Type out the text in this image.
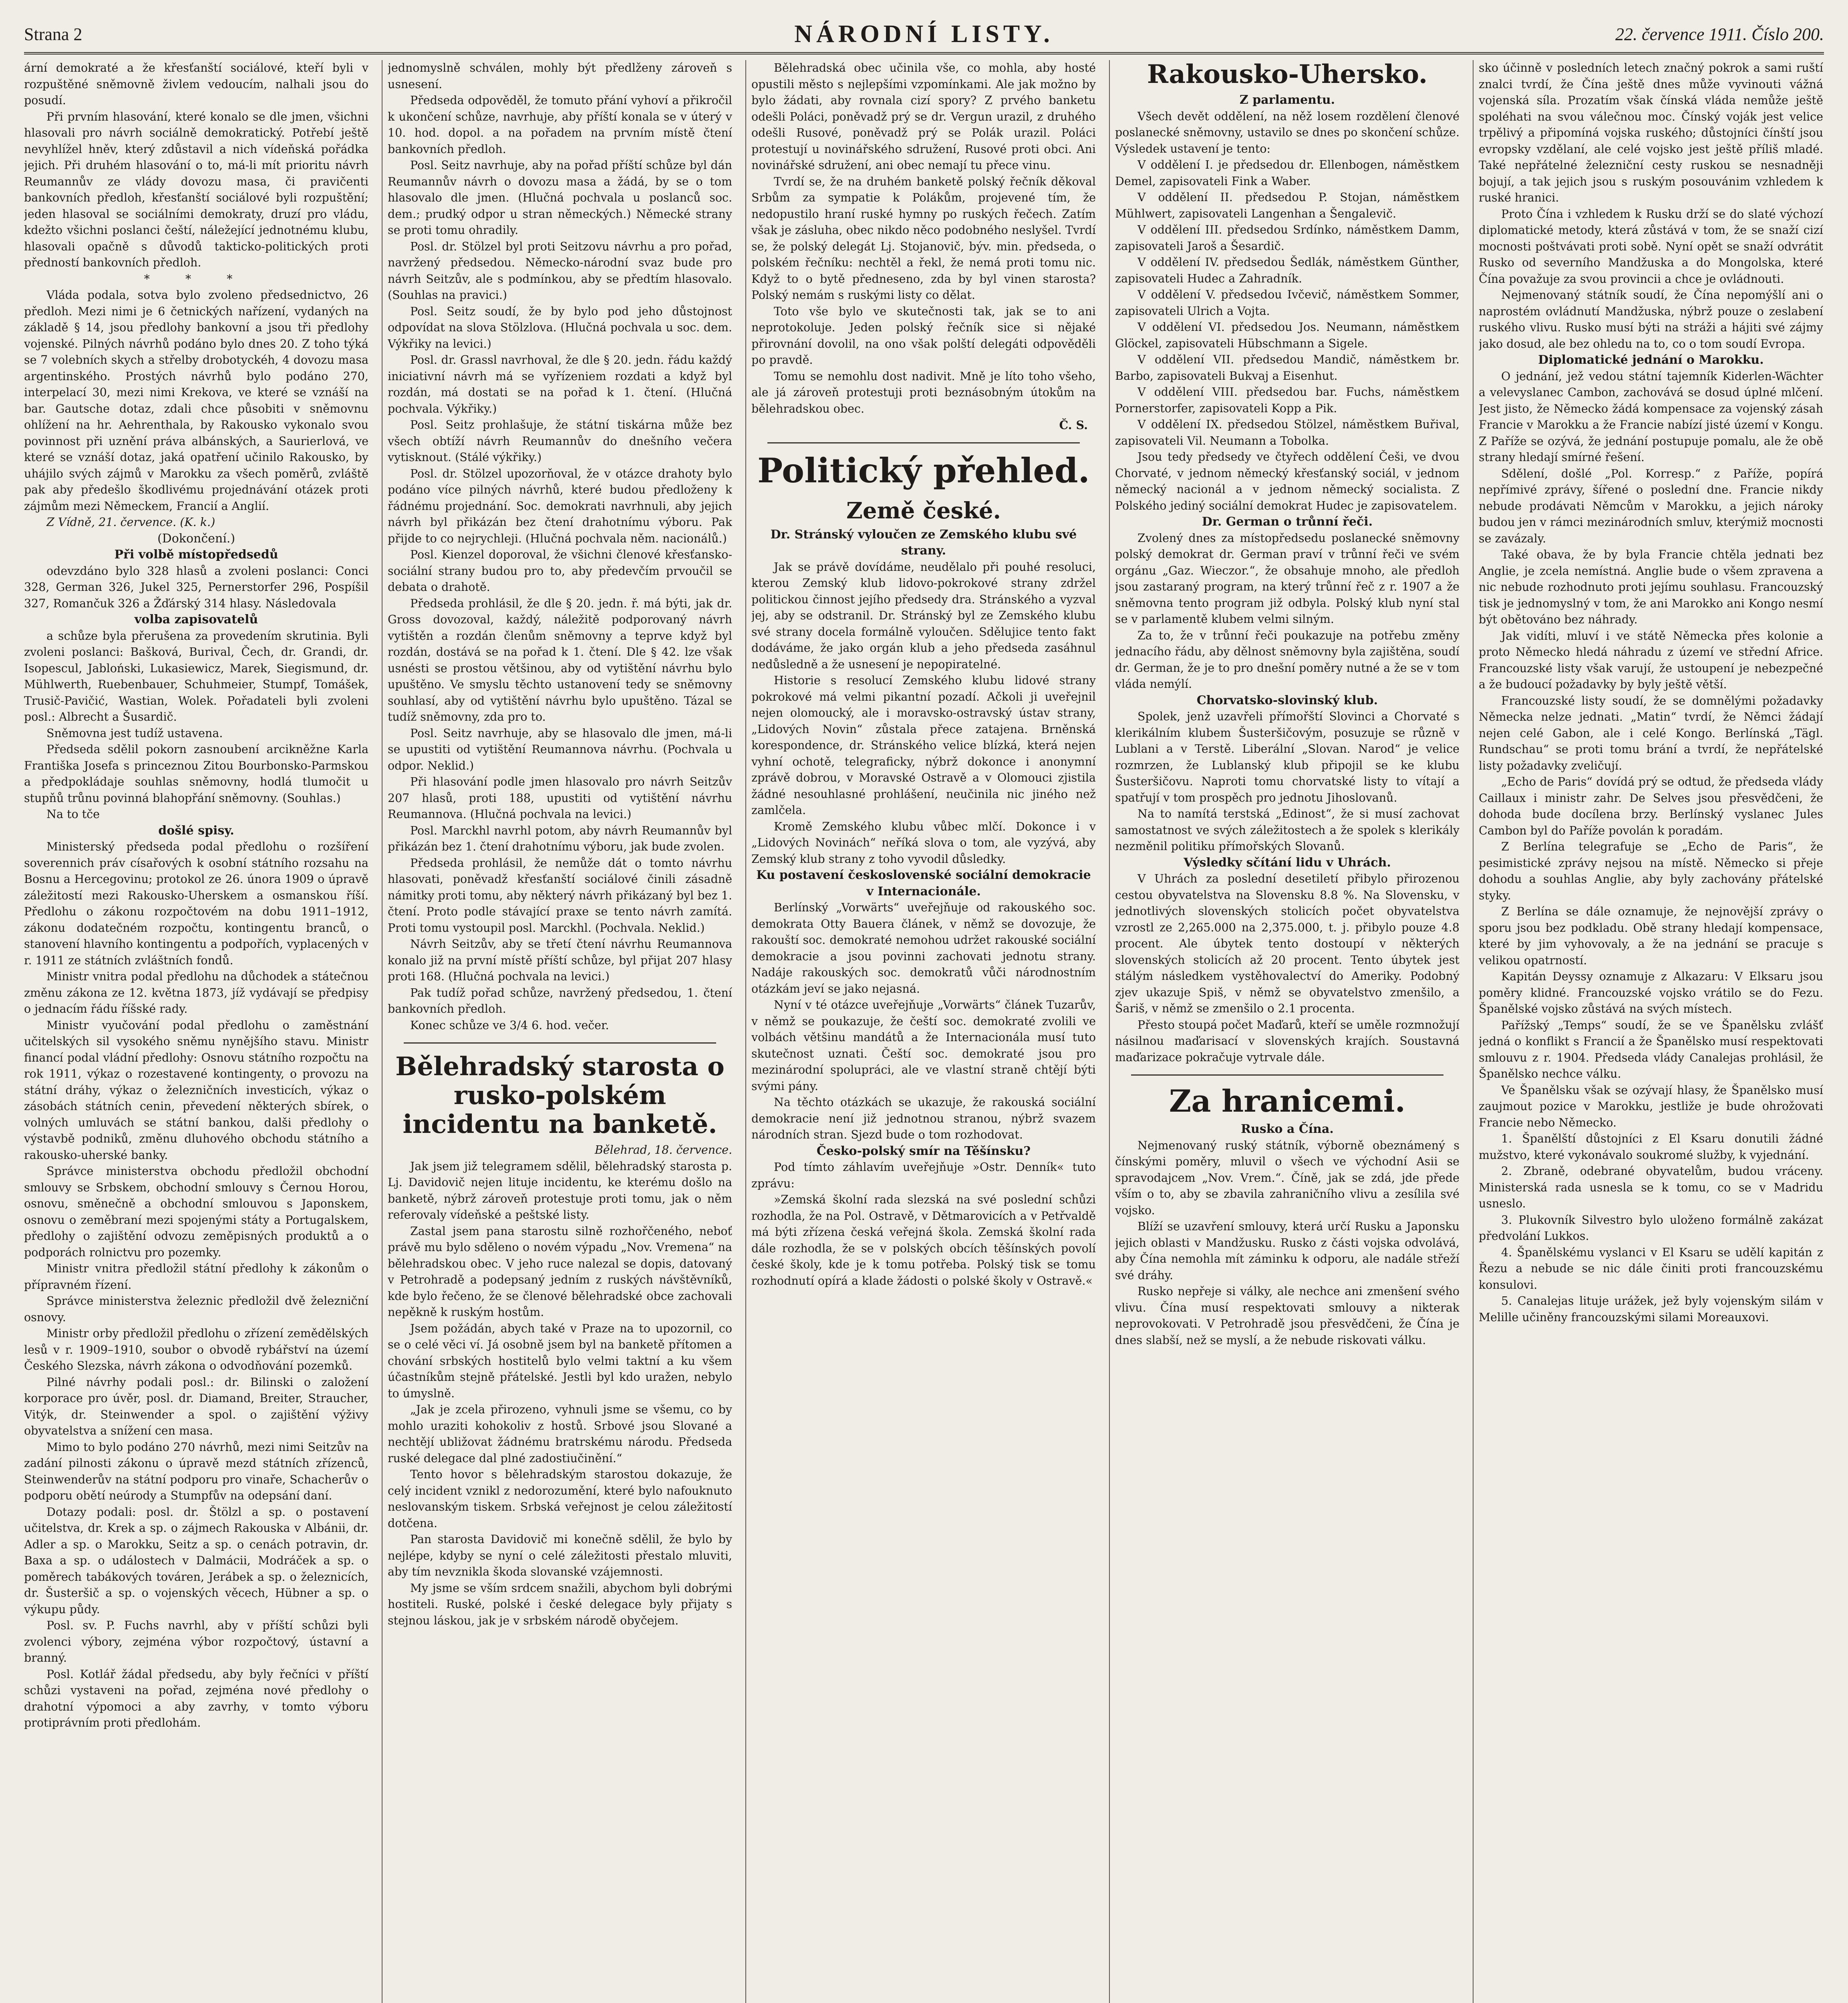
Strana 2	NÁRODNÍ LISTY.	22. července 1911. Číslo 200.

ární demokraté a že křesťanští sociálové, kteří byli v rozpuštěné sněmovně živlem vedoucím, nalhali jsou do posudí.

Při prvním hlasování, které konalo se dle jmen, všichni hlasovali pro návrh sociálně demokratický. Potřebí ještě nevyhlížel hněv, který zdůstavil a nich vídeňská pořádka jejich. Při druhém hlasování o to, má-li mít prioritu návrh Reumannův ze vlády dovozu masa, či pravičenti bankovních předloh, křesťanští sociálové byli rozpuštění; jeden hlasoval se sociálními demokraty, druzí pro vládu, kdežto všichni poslanci čeští, náležející jednotnému klubu, hlasovali opačně s důvodů takticko-politických proti předností bankovních předloh.

* * *

Vláda podala, sotva bylo zvoleno předsednictvo, 26 předloh. Mezi nimi je 6 četnických nařízení, vydaných na základě § 14, jsou předlohy bankovní a jsou tři předlohy vojenské. Pilných návrhů podáno bylo dnes 20. Z toho týká se 7 volebních skych a střelby drobotyckéh, 4 dovozu masa argentinského. Prostých návrhů bylo podáno 270, interpelací 30, mezi nimi Krekova, ve které se vznáší na bar. Gautsche dotaz, zdali chce působiti v sněmovnu ohlížení na hr. Aehrenthala, by Rakousko vykonalo svou povinnost při uznění práva albánských, a Saurierlová, ve které se vznáší dotaz, jaká opatření učinilo Rakousko, by uhájilo svých zájmů v Marokku za všech poměrů, zvláště pak aby předešlo škodlivému projednávání otázek proti zájmům mezi Německem, Francií a Anglií.

Z Vídně, 21. července. (K. k.)

(Dokončení.)

Při volbě místopředsedů

odevzdáno bylo 328 hlasů a zvoleni poslanci: Conci 328, German 326, Jukel 325, Pernerstorfer 296, Pospíšil 327, Romančuk 326 a Žďárský 314 hlasy. Následovala

volba zapisovatelů

a schůze byla přerušena za provedením skrutinia. Byli zvoleni poslanci: Bašková, Burival, Čech, dr. Grandi, dr. Isopescul, Jabloński, Lukasiewicz, Marek, Siegismund, dr. Mühlwerth, Ruebenbauer, Schuhmeier, Stumpf, Tomášek, Trusič-Pavičić, Wastian, Wolek. Pořadateli byli zvoleni posl.: Albrecht a Šusardič.

Sněmovna jest tudíž ustavena.

Předseda sdělil pokorn zasnoubení arcikněžne Karla Františka Josefa s princeznou Zitou Bourbonsko-Parmskou a předpokládaje souhlas sněmovny, hodlá tlumočit u stupňů trůnu povinná blahopřání sněmovny. (Souhlas.)

Na to tče

došlé spisy.

Ministerský předseda podal předlohu o rozšíření soverennich práv císařových k osobní státního rozsahu na Bosnu a Hercegovinu; protokol ze 26. února 1909 o úpravě záležitostí mezi Rakousko-Uherskem a osmanskou říší. Předlohu o zákonu rozpočtovém na dobu 1911–1912, zákonu dodatečném rozpočtu, kontingentu branců, o stanovení hlavního kontingentu a podpořích, vyplacených v r. 1911 ze státních zvláštních fondů.

Ministr vnitra podal předlohu na důchodek a státečnou změnu zákona ze 12. května 1873, jíž vydávají se předpisy o jednacím řádu říšské rady.

Ministr vyučování podal předlohu o zaměstnání učitelských sil vysokého sněmu nynějšího stavu. Ministr financí podal vládní předlohy: Osnovu státního rozpočtu na rok 1911, výkaz o rozestavené kontingenty, o provozu na státní dráhy, výkaz o železničních investicích, výkaz o zásobách státních cenin, převedení některých sbírek, o volných umluvách se státní bankou, dalši předlohy o výstavbě podniků, změnu dluhového obchodu státního a rakousko-uherské banky.

Správce ministerstva obchodu předložil obchodní smlouvy se Srbskem, obchodní smlouvy s Černou Horou, osnovu, směnečně a obchodní smlouvou s Japonskem, osnovu o zeměbraní mezi spojenými státy a Portugalskem, předlohy o zajištění odvozu zeměpisných produktů a o podporách rolnictvu pro pozemky.

Ministr vnitra předložil státní předlohy k zákonům o přípravném řízení.

Správce ministerstva železnic předložil dvě železniční osnovy.

Ministr orby předložil předlohu o zřízení zemědělských lesů v r. 1909–1910, soubor o obvodě rybářství na území Českého Slezska, návrh zákona o odvodňování pozemků.

Pilné návrhy podali posl.: dr. Bilinski o založení korporace pro úvěr, posl. dr. Diamand, Breiter, Straucher, Vitýk, dr. Steinwender a spol. o zajištění výživy obyvatelstva a snížení cen masa.

Mimo to bylo podáno 270 návrhů, mezi nimi Seitzův na zadání pilnosti zákonu o úpravě mezd státních zřízenců, Steinwenderův na státní podporu pro vinaře, Schacherův o podporu obětí neúrody a Stumpfův na odepsání daní.

Dotazy podali: posl. dr. Štölzl a sp. o postavení učitelstva, dr. Krek a sp. o zájmech Rakouska v Albánii, dr. Adler a sp. o Marokku, Seitz a sp. o cenách potravin, dr. Baxa a sp. o událostech v Dalmácii, Modráček a sp. o poměrech tabákových továren, Jerábek a sp. o železnicích, dr. Šusteršič a sp. o vojenských věcech, Hübner a sp. o výkupu půdy.

Posl. sv. P. Fuchs navrhl, aby v příští schůzi byli zvolenci výbory, zejména výbor rozpočtový, ústavní a branný.

Posl. Kotlář žádal předsedu, aby byly řečníci v příští schůzi vystaveni na pořad, zejména nové předlohy o drahotní výpomoci a aby zavrhy, v tomto výboru protiprávním proti předlohám.

jednomyslně schválen, mohly být předlženy zároveň s usnesení.

Předseda odpověděl, že tomuto přání vyhoví a přikročil k ukončení schůze, navrhuje, aby příští konala se v úterý v 10. hod. dopol. a na pořadem na prvním místě čtení bankovních předloh.

Posl. Seitz navrhuje, aby na pořad příští schůze byl dán Reumannův návrh o dovozu masa a žádá, by se o tom hlasovalo dle jmen. (Hlučná pochvala u poslanců soc. dem.; prudký odpor u stran německých.) Německé strany se proti tomu ohradily.

Posl. dr. Stölzel byl proti Seitzovu návrhu a pro pořad, navržený předsedou. Německo-národní svaz bude pro návrh Seitzův, ale s podmínkou, aby se předtím hlasovalo. (Souhlas na pravici.)

Posl. Seitz soudí, že by bylo pod jeho důstojnost odpovídat na slova Stölzlova. (Hlučná pochvala u soc. dem. Výkřiky na levici.)

Posl. dr. Grassl navrhoval, že dle § 20. jedn. řádu každý iniciativní návrh má se vyřízeniem rozdati a když byl rozdán, má dostati se na pořad k 1. čtení. (Hlučná pochvala. Výkřiky.)

Posl. Seitz prohlašuje, že státní tiskárna může bez všech obtíží návrh Reumannův do dnešního večera vytisknout. (Stálé výkřiky.)

Posl. dr. Stölzel upozorňoval, že v otázce drahoty bylo podáno více pilných návrhů, které budou předloženy k řádnému projednání. Soc. demokrati navrhnuli, aby jejich návrh byl přikázán bez čtení drahotnímu výboru. Pak přijde to co nejrychleji. (Hlučná pochvala něm. nacionálů.)

Posl. Kienzel doporoval, že všichni členové křesťansko-sociální strany budou pro to, aby předevčím prvoučil se debata o drahotě.

Předseda prohlásil, že dle § 20. jedn. ř. má býti, jak dr. Gross dovozoval, každý, náležitě podporovaný návrh vytištěn a rozdán členům sněmovny a teprve když byl rozdán, dostává se na pořad k 1. čtení. Dle § 42. lze však usnésti se prostou většinou, aby od vytištění návrhu bylo upuštěno. Ve smyslu těchto ustanovení tedy se sněmovny souhlasí, aby od vytištění návrhu bylo upuštěno. Tázal se tudíž sněmovny, zda pro to.

Posl. Seitz navrhuje, aby se hlasovalo dle jmen, má-li se upustiti od vytištění Reumannova návrhu. (Pochvala u odpor. Neklid.)

Při hlasování podle jmen hlasovalo pro návrh Seitzův 207 hlasů, proti 188, upustiti od vytištění návrhu Reumannova. (Hlučná pochvala na levici.)

Posl. Marckhl navrhl potom, aby návrh Reumannův byl přikázán bez 1. čtení drahotnímu výboru, jak bude zvolen.

Předseda prohlásil, že nemůže dát o tomto návrhu hlasovati, poněvadž křesťanští sociálové činili zásadně námitky proti tomu, aby některý návrh přikázaný byl bez 1. čtení. Proto podle stávající praxe se tento návrh zamítá. Proti tomu vystoupil posl. Marckhl. (Pochvala. Neklid.)

Návrh Seitzův, aby se třetí čtení návrhu Reumannova konalo již na první místě příští schůze, byl přijat 207 hlasy proti 168. (Hlučná pochvala na levici.)

Pak tudíž pořad schůze, navržený předsedou, 1. čtení bankovních předloh.

Konec schůze ve 3/4 6. hod. večer.

Bělehradský starosta o rusko-polském incidentu na banketě.

Bělehrad, 18. července.

Jak jsem již telegramem sdělil, bělehradský starosta p. Lj. Davidovič nejen lituje incidentu, ke kterému došlo na banketě, nýbrž zároveň protestuje proti tomu, jak o něm referovaly vídeňské a peštské listy.

Zastal jsem pana starostu silně rozhořčeného, neboť právě mu bylo sděleno o novém výpadu „Nov. Vremena“ na bělehradskou obec. V jeho ruce nalezal se dopis, datovaný v Petrohradě a podepsaný jedním z ruských návštěvníků, kde bylo řečeno, že se členové bělehradské obce zachovali nepěkně k ruským hostům.

Jsem požádán, abych také v Praze na to upozornil, co se o celé věci ví. Já osobně jsem byl na banketě přítomen a chování srbských hostitelů bylo velmi taktní a ku všem účastníkům stejně přátelské. Jestli byl kdo uražen, nebylo to úmyslně.

„Jak je zcela přirozeno, vyhnuli jsme se všemu, co by mohlo uraziti kohokoliv z hostů. Srbové jsou Slované a nechtějí ubližovat žádnému bratrskému národu. Předseda ruské delegace dal plné zadostiučinění.“

Tento hovor s bělehradským starostou dokazuje, že celý incident vznikl z nedorozumění, které bylo nafouknuto neslovanským tiskem. Srbská veřejnost je celou záležitostí dotčena.

Pan starosta Davidovič mi konečně sdělil, že bylo by nejlépe, kdyby se nyní o celé záležitosti přestalo mluviti, aby tím nevznikla škoda slovanské vzájemnosti.

My jsme se vším srdcem snažili, abychom byli dobrými hostiteli. Ruské, polské i české delegace byly přijaty s stejnou láskou, jak je v srbském národě obyčejem.

Bělehradská obec učinila vše, co mohla, aby hosté opustili město s nejlepšími vzpomínkami. Ale jak možno by bylo žádati, aby rovnala cizí spory? Z prvého banketu odešli Poláci, poněvadž prý se dr. Vergun urazil, z druhého odešli Rusové, poněvadž prý se Polák urazil. Poláci protestují u novinářského sdružení, Rusové proti obci. Ani novinářské sdružení, ani obec nemají tu přece vinu.

Tvrdí se, že na druhém banketě polský řečník děkoval Srbům za sympatie k Polákům, projevené tím, že nedopustilo hraní ruské hymny po ruských řečech. Zatím však je zásluha, obec nikdo něco podobného neslyšel. Tvrdí se, že polský delegát Lj. Stojanovič, býv. min. předseda, o polském řečníku: nechtěl a řekl, že nemá proti tomu nic. Když to o bytě předneseno, zda by byl vinen starosta? Polský nemám s ruskými listy co dělat.

Toto vše bylo ve skutečnosti tak, jak se to ani neprotokoluje. Jeden polský řečník sice si nějaké přirovnání dovolil, na ono však polští delegáti odpověděli po pravdě.

Tomu se nemohlu dost nadivit. Mně je líto toho všeho, ale já zároveň protestuji proti beznásobným útokům na bělehradskou obec.

Č. S.

Politický přehled.
Země české.

Dr. Stránský vyloučen ze Zemského klubu své strany.

Jak se právě dovídáme, neudělalo při pouhé resoluci, kterou Zemský klub lidovo-pokrokové strany zdržel politickou činnost jejího předsedy dra. Stránského a vyzval jej, aby se odstranil. Dr. Stránský byl ze Zemského klubu své strany docela formálně vyloučen. Sdělujice tento fakt dodáváme, že jako orgán klub a jeho předseda zasáhnul nedůsledně a že usnesení je nepopiratelné.

Historie s resolucí Zemského klubu lidové strany pokrokové má velmi pikantní pozadí. Ačkoli ji uveřejnil nejen olomoucký, ale i moravsko-ostravský ústav strany, „Lidových Novin“ zůstala přece zatajena. Brněnská korespondence, dr. Stránského velice blízká, která nejen vyhní ochotě, telegraficky, nýbrž dokonce i anonymní zprávě dobrou, v Moravské Ostravě a v Olomouci zjistila žádné nesouhlasné prohlášení, neučinila nic jiného než zamlčela.

Kromě Zemského klubu vůbec mlčí. Dokonce i v „Lidových Novinách“ neříká slova o tom, ale vyzývá, aby Zemský klub strany z toho vyvodil důsledky.

Ku postavení československé sociální demokracie v Internacionále.

Berlínský „Vorwärts“ uveřejňuje od rakouského soc. demokrata Otty Bauera článek, v němž se dovozuje, že rakouští soc. demokraté nemohou udržet rakouské sociální demokracie a jsou povinni zachovati jednotu strany. Nadáje rakouských soc. demokratů vůči národnostním otázkám jeví se jako nejasná.

Nyní v té otázce uveřejňuje „Vorwärts“ článek Tuzarův, v němž se poukazuje, že čeští soc. demokraté zvolili ve volbách většinu mandátů a že Internacionála musí tuto skutečnost uznati. Čeští soc. demokraté jsou pro mezinárodní spolupráci, ale ve vlastní straně chtějí býti svými pány.

Na těchto otázkách se ukazuje, že rakouská sociální demokracie není již jednotnou stranou, nýbrž svazem národních stran. Sjezd bude o tom rozhodovat.

Česko-polský smír na Těšínsku?

Pod tímto záhlavím uveřejňuje »Ostr. Denník« tuto zprávu:

»Zemská školní rada slezská na své poslední schůzi rozhodla, že na Pol. Ostravě, v Dětmarovicích a v Petřvaldě má býti zřízena česká veřejná škola. Zemská školní rada dále rozhodla, že se v polských obcích těšínských povolí české školy, kde je k tomu potřeba. Polský tisk se tomu rozhodnutí opírá a klade žádosti o polské školy v Ostravě.«

Rakousko-Uhersko.

Z parlamentu.

Všech devět oddělení, na něž losem rozdělení členové poslanecké sněmovny, ustavilo se dnes po skončení schůze. Výsledek ustavení je tento:

V oddělení I. je předsedou dr. Ellenbogen, náměstkem Demel, zapisovateli Fink a Waber.

V oddělení II. předsedou P. Stojan, náměstkem Mühlwert, zapisovateli Langenhan a Šengalevič.

V oddělení III. předsedou Srdínko, náměstkem Damm, zapisovateli Jaroš a Šesardič.

V oddělení IV. předsedou Šedlák, náměstkem Günther, zapisovateli Hudec a Zahradník.

V oddělení V. předsedou Ivčevič, náměstkem Sommer, zapisovateli Ulrich a Vojta.

V oddělení VI. předsedou Jos. Neumann, náměstkem Glöckel, zapisovateli Hübschmann a Sigele.

V oddělení VII. předsedou Mandič, náměstkem br. Barbo, zapisovateli Bukvaj a Eisenhut.

V oddělení VIII. předsedou bar. Fuchs, náměstkem Pornerstorfer, zapisovateli Kopp a Pik.

V oddělení IX. předsedou Stölzel, náměstkem Buřival, zapisovateli Vil. Neumann a Tobolka.

Jsou tedy předsedy ve čtyřech oddělení Češi, ve dvou Chorvaté, v jednom německý křesťanský sociál, v jednom německý nacionál a v jednom německý socialista. Z Polského jediný sociální demokrat Hudec je zapisovatelem.

Dr. German o trůnní řeči.

Zvolený dnes za místopředsedu poslanecké sněmovny polský demokrat dr. German praví v trůnní řeči ve svém orgánu „Gaz. Wieczor.“, že obsahuje mnoho, ale předloh jsou zastaraný program, na který trůnní řeč z r. 1907 a že sněmovna tento program již odbyla. Polský klub nyní stal se v parlamentě klubem velmi silným.

Za to, že v trůnní řeči poukazuje na potřebu změny jednacího řádu, aby dělnost sněmovny byla zajištěna, soudí dr. German, že je to pro dnešní poměry nutné a že se v tom vláda nemýlí.

Chorvatsko-slovinský klub.

Spolek, jenž uzavřeli přímořští Slovinci a Chorvaté s klerikálním klubem Šusteršičovým, posuzuje se různě v Lublani a v Terstě. Liberální „Slovan. Narod“ je velice rozmrzen, že Lublanský klub připojil se ke klubu Šusteršičovu. Naproti tomu chorvatské listy to vítají a spatřují v tom prospěch pro jednotu Jihoslovanů.

Na to namítá terstská „Edinost“, že si musí zachovat samostatnost ve svých záležitostech a že spolek s klerikály nezměnil politiku přímořských Slovanů.

Výsledky sčítání lidu v Uhrách.

V Uhrách za poslední desetiletí přibylo přirozenou cestou obyvatelstva na Slovensku 8.8 %. Na Slovensku, v jednotlivých slovenských stolicích počet obyvatelstva vzrostl ze 2,265.000 na 2,375.000, t. j. přibylo pouze 4.8 procent. Ale úbytek tento dostoupí v některých slovenských stolicích až 20 procent. Tento úbytek jest stálým následkem vystěhovalectví do Ameriky. Podobný zjev ukazuje Spiš, v němž se obyvatelstvo zmenšilo, a Šariš, v němž se zmenšilo o 2.1 procenta.

Přesto stoupá počet Maďarů, kteří se uměle rozmnožují násilnou maďarisací v slovenských krajích. Soustavná maďarizace pokračuje vytrvale dále.

Za hranicemi.

Rusko a Čína.

Nejmenovaný ruský státník, výborně obeznámený s čínskými poměry, mluvil o všech ve východní Asii se spravodajcem „Nov. Vrem.“. Číně, jak se zdá, jde přede vším o to, aby se zbavila zahraničního vlivu a zesílila své vojsko.

Blíží se uzavření smlouvy, která určí Rusku a Japonsku jejich oblasti v Mandžusku. Rusko z části vojska odvolává, aby Čína nemohla mít záminku k odporu, ale nadále střeží své dráhy.

Rusko nepřeje si války, ale nechce ani zmenšení svého vlivu. Čína musí respektovati smlouvy a nikterak neprovokovati. V Petrohradě jsou přesvědčeni, že Čína je dnes slabší, než se myslí, a že nebude riskovati válku.

sko účinně v posledních letech značný pokrok a sami ruští znalci tvrdí, že Čína ještě dnes může vyvinouti vážná vojenská síla. Prozatím však čínská vláda nemůže ještě spoléhati na svou válečnou moc. Čínský voják jest velice trpělivý a připomíná vojska ruského; důstojníci čínští jsou evropsky vzdělaní, ale celé vojsko jest ještě příliš mladé. Také nepřátelné železniční cesty ruskou se nesnadněji bojují, a tak jejich jsou s ruským posouvánim vzhledem k ruské hranici.

Proto Čína i vzhledem k Rusku drží se do slaté výchozí diplomatické metody, která zůstává v tom, že se snaží cizí mocnosti poštvávati proti sobě. Nyní opět se snaží odvrátit Rusko od severního Mandžuska a do Mongolska, které Čína považuje za svou provincii a chce je ovládnouti.

Nejmenovaný státník soudí, že Čína nepomýšlí ani o naprostém ovládnutí Mandžuska, nýbrž pouze o zeslabení ruského vlivu. Rusko musí býti na stráži a hájiti své zájmy jako dosud, ale bez ohledu na to, co o tom soudí Evropa.

Diplomatické jednání o Marokku.

O jednání, jež vedou státní tajemník Kiderlen-Wächter a velevyslanec Cambon, zachovává se dosud úplné mlčení. Jest jisto, že Německo žádá kompensace za vojenský zásah Francie v Marokku a že Francie nabízí jisté území v Kongu. Z Paříže se ozývá, že jednání postupuje pomalu, ale že obě strany hledají smírné řešení.

Sdělení, došlé „Pol. Korresp.“ z Paříže, popírá nepřímivé zprávy, šířené o poslední dne. Francie nikdy nebude prodávati Němcům v Marokku, a jejich nároky budou jen v rámci mezinárodních smluv, kterýmiž mocnosti se zavázaly.

Také obava, že by byla Francie chtěla jednati bez Anglie, je zcela nemístná. Anglie bude o všem zpravena a nic nebude rozhodnuto proti jejímu souhlasu. Francouzský tisk je jednomyslný v tom, že ani Marokko ani Kongo nesmí být obětováno bez náhrady.

Jak vidíti, mluví i ve státě Německa přes kolonie a proto Německo hledá náhradu z území ve střední Africe. Francouzské listy však varují, že ustoupení je nebezpečné a že budoucí požadavky by byly ještě větší.

Francouzské listy soudí, že se domnělými požadavky Německa nelze jednati. „Matin“ tvrdí, že Němci žádají nejen celé Gabon, ale i celé Kongo. Berlínská „Tägl. Rundschau“ se proti tomu brání a tvrdí, že nepřátelské listy požadavky zveličují.

„Echo de Paris“ dovídá prý se odtud, že předseda vlády Caillaux i ministr zahr. De Selves jsou přesvědčeni, že dohoda bude docílena brzy. Berlínský vyslanec Jules Cambon byl do Paříže povolán k poradám.

Z Berlína telegrafuje se „Echo de Paris“, že pesimistické zprávy nejsou na místě. Německo si přeje dohodu a souhlas Anglie, aby byly zachovány přátelské styky.

Z Berlína se dále oznamuje, že nejnovější zprávy o sporu jsou bez podkladu. Obě strany hledají kompensace, které by jim vyhovovaly, a že na jednání se pracuje s velikou opatrností.

Kapitán Deyssy oznamuje z Alkazaru: V Elksaru jsou poměry klidné. Francouzské vojsko vrátilo se do Fezu. Španělské vojsko zůstává na svých místech.

Pařížský „Temps“ soudí, že se ve Španělsku zvlášť jedná o konflikt s Francií a že Španělsko musí respektovati smlouvu z r. 1904. Předseda vlády Canalejas prohlásil, že Španělsko nechce válku.

Ve Španělsku však se ozývají hlasy, že Španělsko musí zaujmout pozice v Marokku, jestliže je bude ohrožovati Francie nebo Německo.

1. Španělští důstojníci z El Ksaru donutili žádné mužstvo, které vykonávalo soukromé služby, k vyjednání.

2. Zbraně, odebrané obyvatelům, budou vráceny. Ministerská rada usnesla se k tomu, co se v Madridu usneslo.

3. Plukovník Silvestro bylo uloženo formálně zakázat předvolání Lukkos.

4. Španělskému vyslanci v El Ksaru se udělí kapitán z Řezu a nebude se nic dále činiti proti francouzskému konsulovi.

5. Canalejas lituje urážek, jež byly vojenským silám v Melille učiněny francouzskými silami Moreauxovi.
